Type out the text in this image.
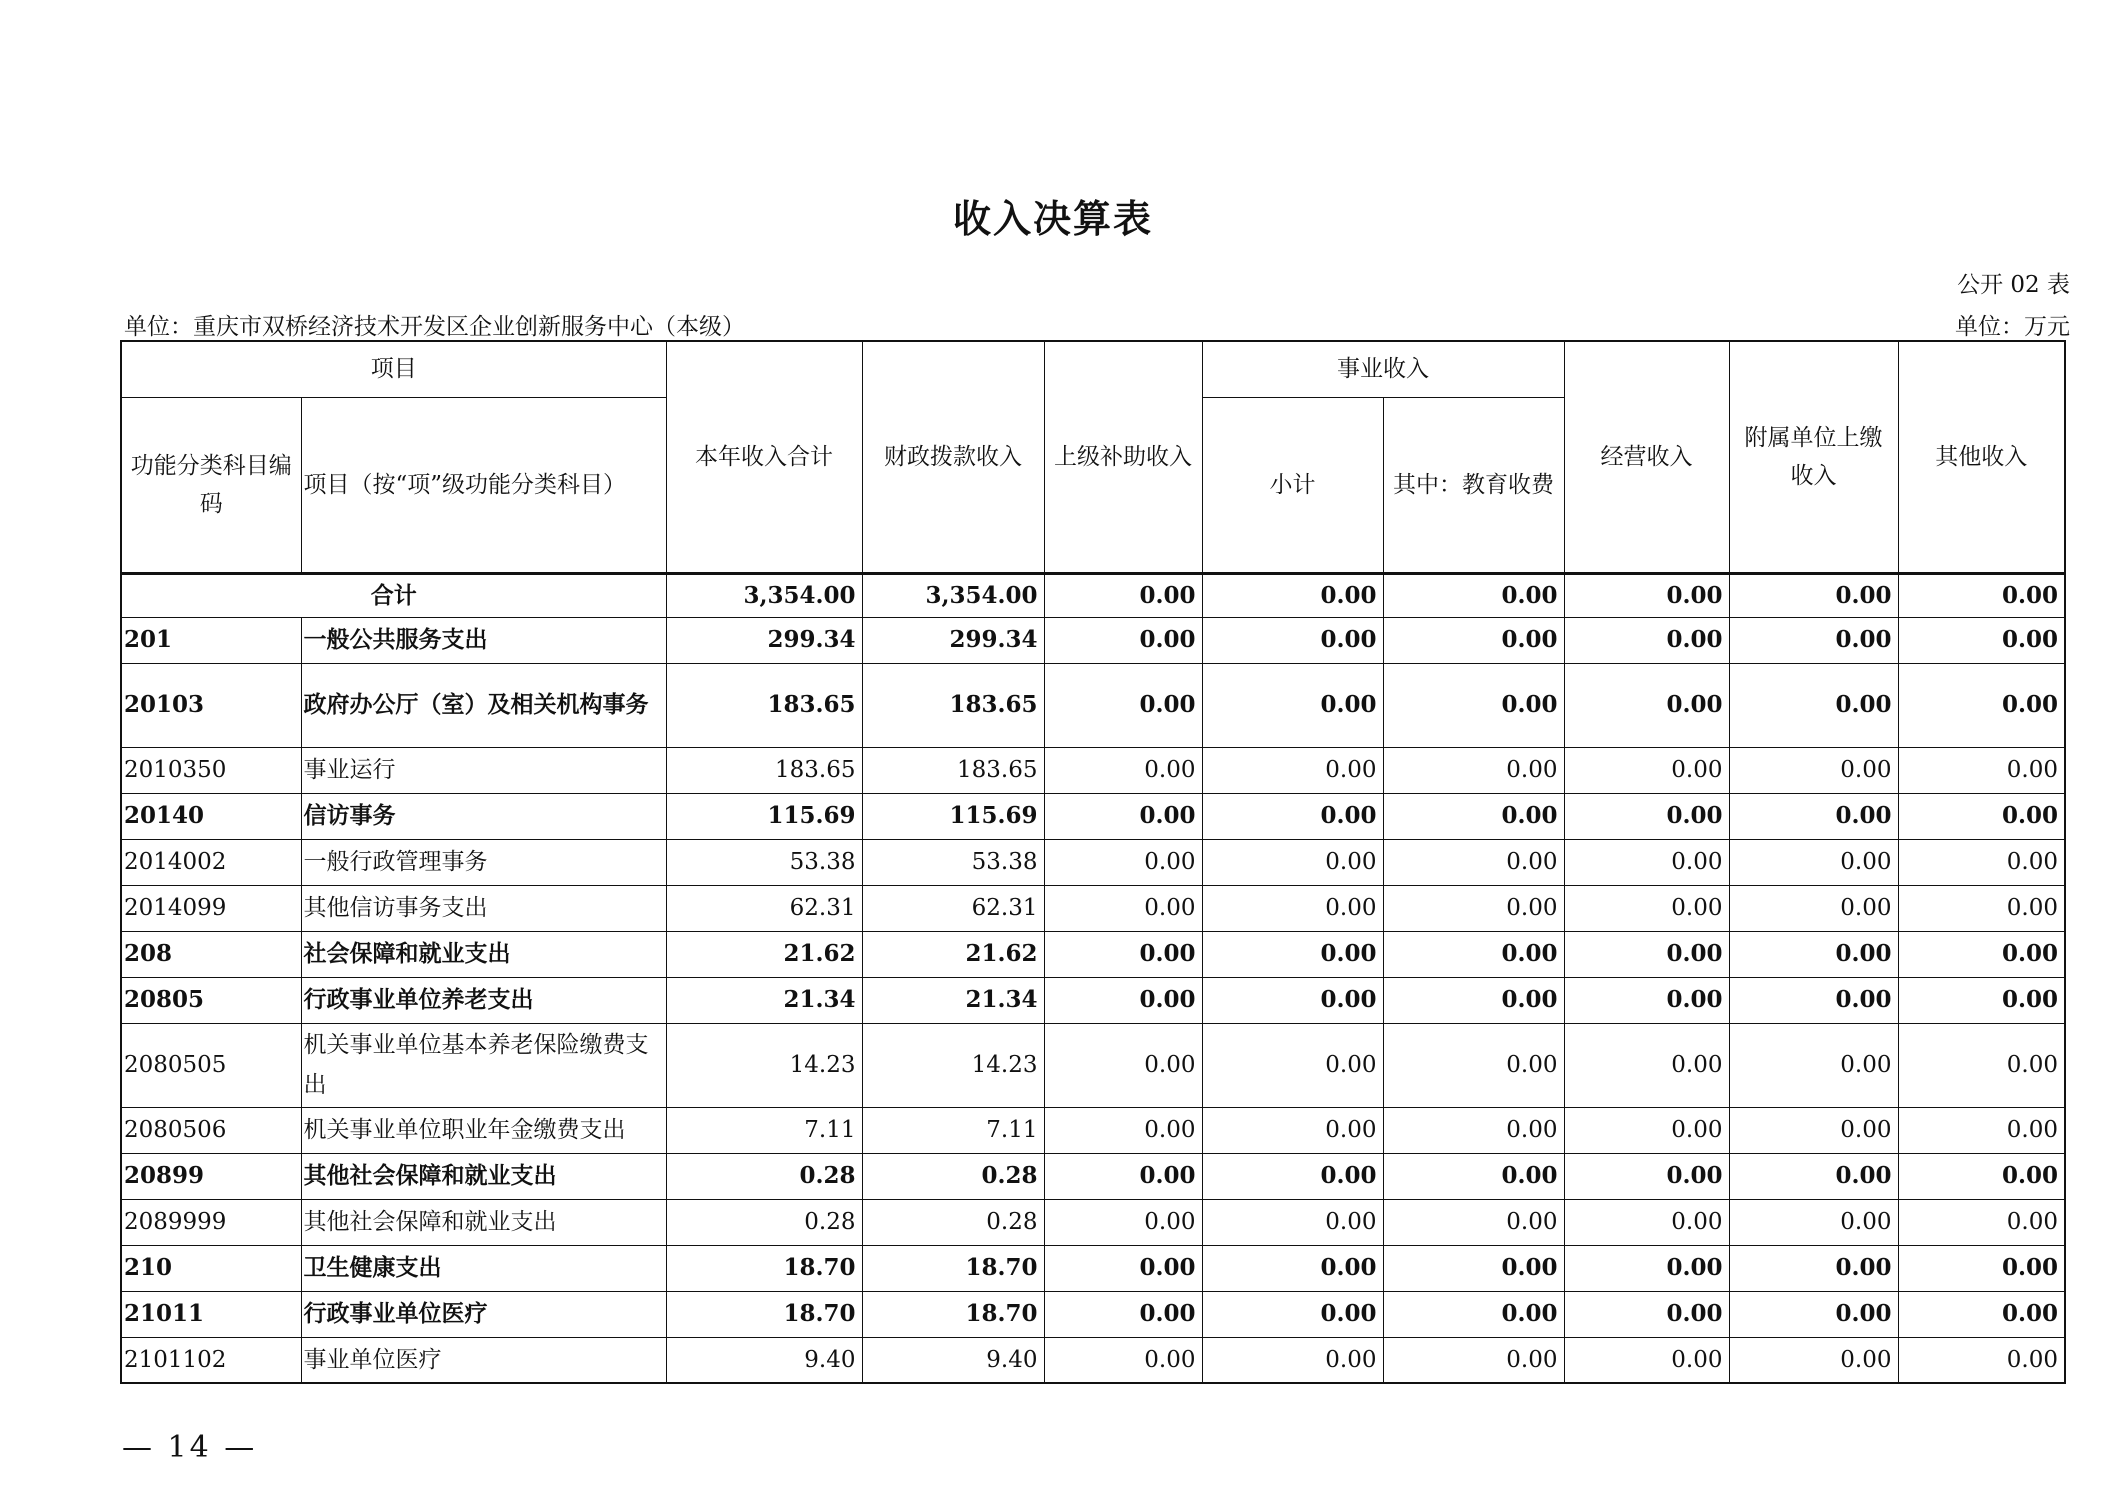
收入决算表
公开 02 表
单位：重庆市双桥经济技术开发区企业创新服务中心（本级）	单位：万元
项目		本年收入合计	财政拨款收入	上级补助收入	事业收入		经营收入	附属单位上缴收入	其他收入
功能分类科目编码	项目（按“项”级功能分类科目）				小计	其中：教育收费			
合计		3,354.00	3,354.00	0.00	0.00	0.00	0.00	0.00	0.00
201	一般公共服务支出	299.34	299.34	0.00	0.00	0.00	0.00	0.00	0.00
20103	政府办公厅（室）及相关机构事务	183.65	183.65	0.00	0.00	0.00	0.00	0.00	0.00
2010350	事业运行	183.65	183.65	0.00	0.00	0.00	0.00	0.00	0.00
20140	信访事务	115.69	115.69	0.00	0.00	0.00	0.00	0.00	0.00
2014002	一般行政管理事务	53.38	53.38	0.00	0.00	0.00	0.00	0.00	0.00
2014099	其他信访事务支出	62.31	62.31	0.00	0.00	0.00	0.00	0.00	0.00
208	社会保障和就业支出	21.62	21.62	0.00	0.00	0.00	0.00	0.00	0.00
20805	行政事业单位养老支出	21.34	21.34	0.00	0.00	0.00	0.00	0.00	0.00
2080505	机关事业单位基本养老保险缴费支出	14.23	14.23	0.00	0.00	0.00	0.00	0.00	0.00
2080506	机关事业单位职业年金缴费支出	7.11	7.11	0.00	0.00	0.00	0.00	0.00	0.00
20899	其他社会保障和就业支出	0.28	0.28	0.00	0.00	0.00	0.00	0.00	0.00
2089999	其他社会保障和就业支出	0.28	0.28	0.00	0.00	0.00	0.00	0.00	0.00
210	卫生健康支出	18.70	18.70	0.00	0.00	0.00	0.00	0.00	0.00
21011	行政事业单位医疗	18.70	18.70	0.00	0.00	0.00	0.00	0.00	0.00
2101102	事业单位医疗	9.40	9.40	0.00	0.00	0.00	0.00	0.00	0.00
— 14 —
